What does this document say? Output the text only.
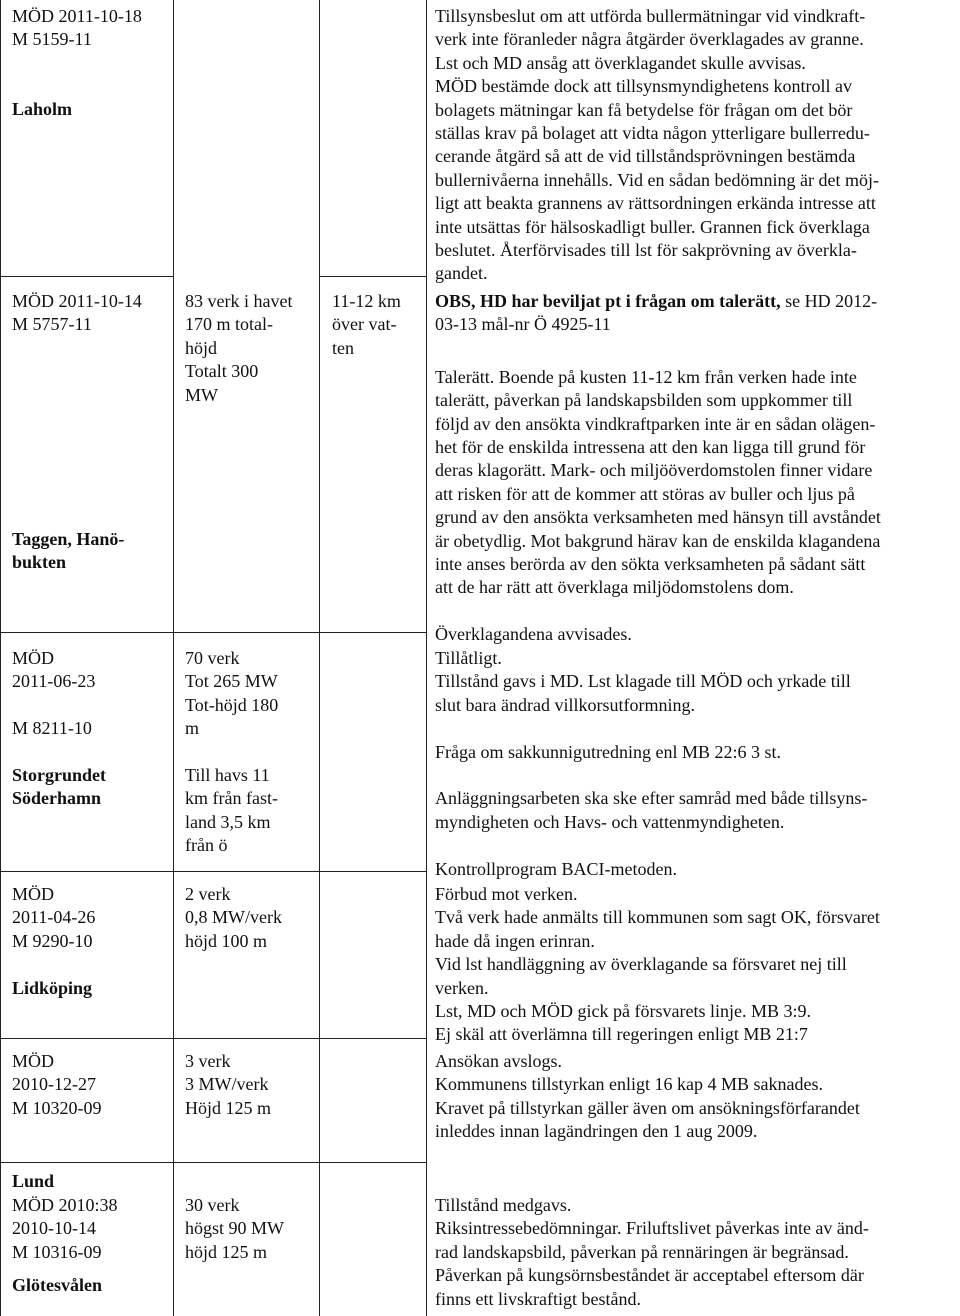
MÖD 2011-10-18
M 5159-11
Laholm
Tillsynsbeslut om att utförda bullermätningar vid vindkraft-
verk inte föranleder några åtgärder överklagades av granne.
Lst och MD ansåg att överklagandet skulle avvisas.
MÖD bestämde dock att tillsynsmyndighetens kontroll av
bolagets mätningar kan få betydelse för frågan om det bör
ställas krav på bolaget att vidta någon ytterligare bullerredu-
cerande åtgärd så att de vid tillståndsprövningen bestämda
bullernivåerna innehålls. Vid en sådan bedömning är det möj-
ligt att beakta grannens av rättsordningen erkända intresse att
inte utsättas för hälsoskadligt buller. Grannen fick överklaga
beslutet. Återförvisades till lst för sakprövning av överkla-
gandet.
MÖD 2011-10-14
M 5757-11
Taggen, Hanö-
bukten
83 verk i havet
170 m total-
höjd
Totalt 300
MW
11-12 km
över vat-
ten
OBS, HD har beviljat pt i frågan om talerätt, se HD 2012-
03-13 mål-nr Ö 4925-11
Talerätt. Boende på kusten 11-12 km från verken hade inte
talerätt, påverkan på landskapsbilden som uppkommer till
följd av den ansökta vindkraftparken inte är en sådan olägen-
het för de enskilda intressena att den kan ligga till grund för
deras klagorätt. Mark- och miljööverdomstolen finner vidare
att risken för att de kommer att störas av buller och ljus på
grund av den ansökta verksamheten med hänsyn till avståndet
är obetydlig. Mot bakgrund härav kan de enskilda klagandena
inte anses berörda av den sökta verksamheten på sådant sätt
att de har rätt att överklaga miljödomstolens dom.
Överklagandena avvisades.
MÖD
2011-06-23
M 8211-10
Storgrundet
Söderhamn
70 verk
Tot 265 MW
Tot-höjd 180
m
Till havs 11
km från fast-
land 3,5 km
från ö
Tillåtligt.
Tillstånd gavs i MD. Lst klagade till MÖD och yrkade till
slut bara ändrad villkorsutformning.
Fråga om sakkunnigutredning enl MB 22:6 3 st.
Anläggningsarbeten ska ske efter samråd med både tillsyns-
myndigheten och Havs- och vattenmyndigheten.
Kontrollprogram BACI-metoden.
MÖD
2011-04-26
M 9290-10
Lidköping
2 verk
0,8 MW/verk
höjd 100 m
Förbud mot verken.
Två verk hade anmälts till kommunen som sagt OK, försvaret
hade då ingen erinran.
Vid lst handläggning av överklagande sa försvaret nej till
verken.
Lst, MD och MÖD gick på försvarets linje. MB 3:9.
Ej skäl att överlämna till regeringen enligt MB 21:7
MÖD
2010-12-27
M 10320-09
Lund
3 verk
3 MW/verk
Höjd 125 m
Ansökan avslogs.
Kommunens tillstyrkan enligt 16 kap 4 MB saknades.
Kravet på tillstyrkan gäller även om ansökningsförfarandet
inleddes innan lagändringen den 1 aug 2009.
MÖD 2010:38
2010-10-14
M 10316-09
Glötesvålen
30 verk
högst 90 MW
höjd 125 m
Tillstånd medgavs.
Riksintressebedömningar. Friluftslivet påverkas inte av änd-
rad landskapsbild, påverkan på rennäringen är begränsad.
Påverkan på kungsörnsbeståndet är acceptabel eftersom där
finns ett livskraftigt bestånd.
